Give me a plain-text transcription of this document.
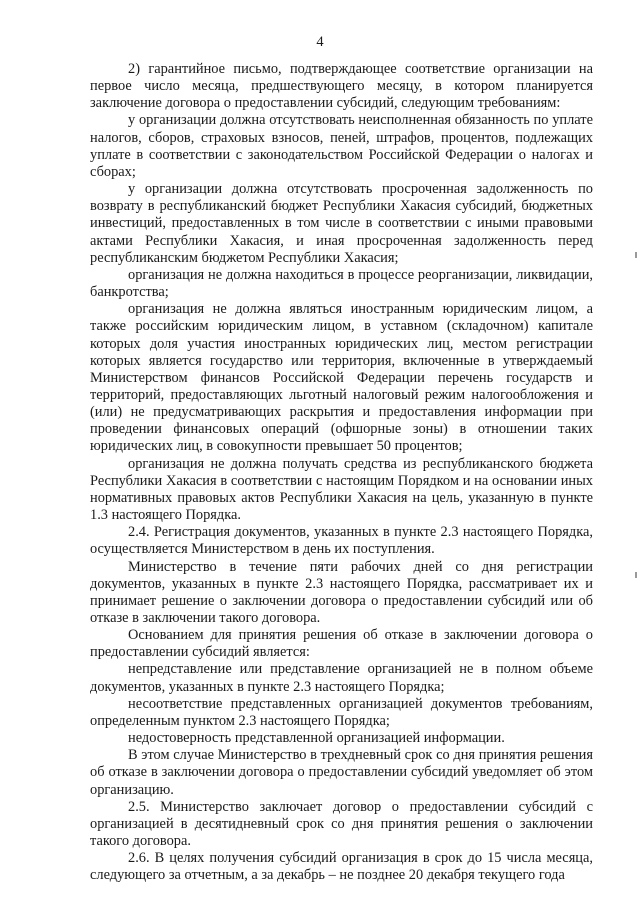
4

2) гарантийное письмо, подтверждающее соответствие организации на первое число месяца, предшествующего месяцу, в котором планируется заключение договора о предоставлении субсидий, следующим требованиям:

у организации должна отсутствовать неисполненная обязанность по уплате налогов, сборов, страховых взносов, пеней, штрафов, процентов, подлежащих уплате в соответствии с законодательством Российской Федерации о налогах и сборах;

у организации должна отсутствовать просроченная задолженность по возврату в республиканский бюджет Республики Хакасия субсидий, бюджетных инвестиций, предоставленных в том числе в соответствии с иными правовыми актами Республики Хакасия, и иная просроченная задолженность перед республиканским бюджетом Республики Хакасия;

организация не должна находиться в процессе реорганизации, ликвидации, банкротства;

организация не должна являться иностранным юридическим лицом, а также российским юридическим лицом, в уставном (складочном) капитале которых доля участия иностранных юридических лиц, местом регистрации которых является государство или территория, включенные в утверждаемый Министерством финансов Российской Федерации перечень государств и территорий, предоставляющих льготный налоговый режим налогообложения и (или) не предусматривающих раскрытия и предоставления информации при проведении финансовых операций (офшорные зоны) в отношении таких юридических лиц, в совокупности превышает 50 процентов;

организация не должна получать средства из республиканского бюджета Республики Хакасия в соответствии с настоящим Порядком и на основании иных нормативных правовых актов Республики Хакасия на цель, указанную в пункте 1.3 настоящего Порядка.

2.4. Регистрация документов, указанных в пункте 2.3 настоящего Порядка, осуществляется Министерством в день их поступления.

Министерство в течение пяти рабочих дней со дня регистрации документов, указанных в пункте 2.3 настоящего Порядка, рассматривает их и принимает решение о заключении договора о предоставлении субсидий или об отказе в заключении такого договора.

Основанием для принятия решения об отказе в заключении договора о предоставлении субсидий является:

непредставление или представление организацией не в полном объеме документов, указанных в пункте 2.3 настоящего Порядка;

несоответствие представленных организацией документов требованиям, определенным пунктом 2.3 настоящего Порядка;

недостоверность представленной организацией информации.

В этом случае Министерство в трехдневный срок со дня принятия решения об отказе в заключении договора о предоставлении субсидий уведомляет об этом организацию.

2.5. Министерство заключает договор о предоставлении субсидий с организацией в десятидневный срок со дня принятия решения о заключении такого договора.

2.6. В целях получения субсидий организация в срок до 15 числа месяца, следующего за отчетным, а за декабрь – не позднее 20 декабря текущего года
